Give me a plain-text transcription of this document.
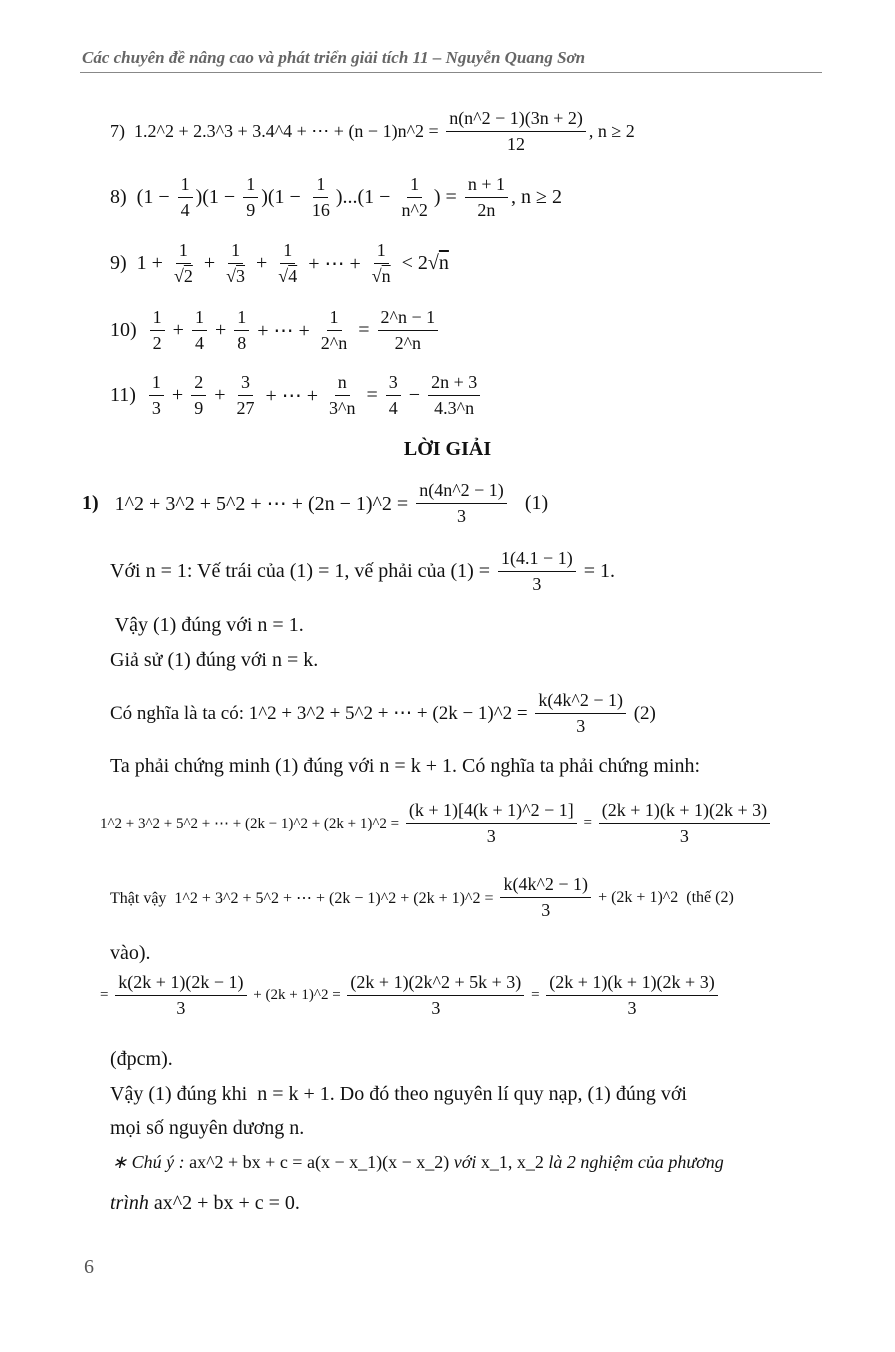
Các chuyên đề nâng cao và phát triển giải tích 11 – Nguyễn Quang Sơn
7)  1.2^2 + 2.3^3 + 3.4^4 + ⋯ + (n − 1)n^2 = $\frac{n(n\^{}2 - 1)(3n + 2)}{12}$ , n ≥ 2
8)  $(1 - \frac{1}{4} )(1 - \frac{1}{9} )(1 - \frac{1}{16} )...(1 - \frac{1}{n\^{}2}$ ) = $\frac{n + 1}{2n}$ , n ≥ 2
9)  $1 + \frac{1}{√2} + \frac{1}{√3} + \frac{1}{√4}$ + ⋯ + $\frac{1}{√n} < 2$ √n
$10) \frac{1}{2} + \frac{1}{4} + \frac{1}{8}$ + ⋯ + $\frac{1}{2\^{}n} = \frac{2\^{}n - 1}{2\^{}n}$
$11) \frac{1}{3} + \frac{2}{9} + \frac{3}{27}$ + ⋯ + $\frac{n}{3\^{}n} = \frac{3}{4} - \frac{2n + 3}{4.3\^{}n}$
LỜI GIẢI
1) 1^2 + 3^2 + 5^2 + ⋯ + (2n − 1)^2 = $\frac{n(4n\^{}2 - 1)}{3} (1)$
Với n = 1: Vế trái của (1) = 1, vế phải của $(1) = \frac{1(4.1 - 1)}{3} = 1$.
Vậy (1) đúng với n = 1.
Giả sử (1) đúng với n = k.
Có nghĩa là ta có: 1^2 + 3^2 + 5^2 + ⋯ + (2k − 1)^2 = $\frac{k(4k\^{}2 - 1)}{3} (2)$
Ta phải chứng minh (1) đúng với n = k + 1. Có nghĩa ta phải chứng minh:
1^2 + 3^2 + 5^2 + ⋯ + (2k − 1)^2 + (2k + 1)^2 = $\frac{(k + 1)[4(k + 1)\^{}2 - 1]}{3} = \frac{(2k + 1)(k + 1)(2k + 3)}{3}$
Thật vậy  1^2 + 3^2 + 5^2 + ⋯ + (2k − 1)^2 + (2k + 1)^2 = $\frac{k(4k\^{}2 - 1)}{3} + (2k$ + 1)^2  (thế (2)
vào).
= $\frac{k(2k + 1)(2k - 1)}{3} + (2k$ + 1)^2 = $\frac{(2k + 1)(2k\^{}2 + 5k + 3)}{3} = \frac{(2k + 1)(k + 1)(2k + 3)}{3}$
(đpcm).
Vậy (1) đúng khi  n = k + 1. Do đó theo nguyên lí quy nạp, (1) đúng với
mọi số nguyên dương n.
∗ Chú ý : ax^2 + bx + c = a(x − x_1)(x − x_2) với x_1, x_2 là 2 nghiệm của phương
trình ax^2 + bx + c = 0.
6
